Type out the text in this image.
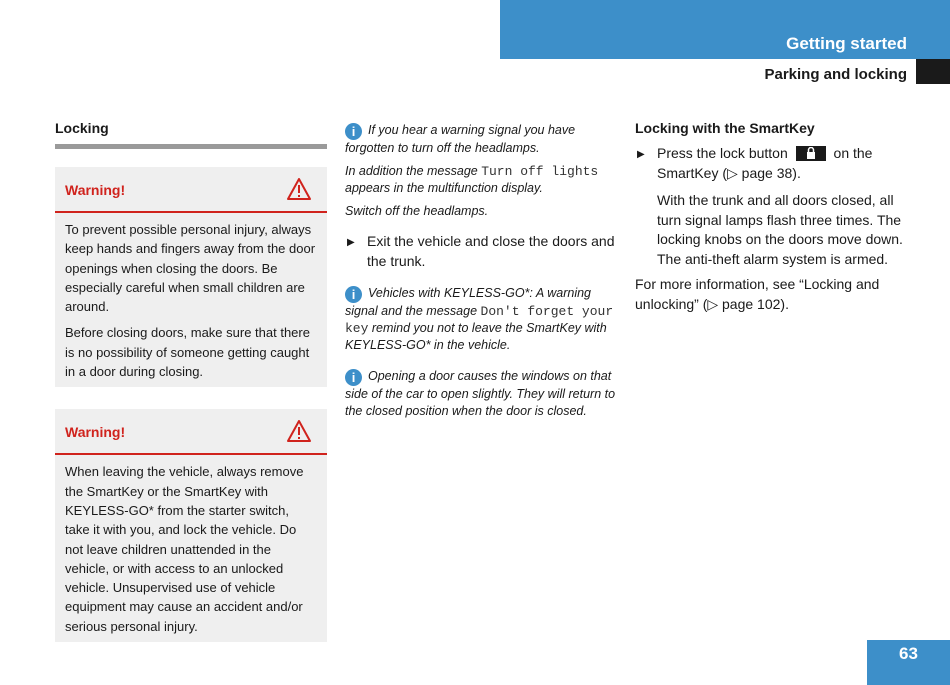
Getting started
Parking and locking
Locking
Warning!

To prevent possible personal injury, always keep hands and fingers away from the door openings when closing the doors. Be especially careful when small children are around.

Before closing doors, make sure that there is no possibility of someone getting caught in a door during closing.

Warning!

When leaving the vehicle, always remove the SmartKey or the SmartKey with KEYLESS-GO* from the starter switch, take it with you, and lock the vehicle. Do not leave children unattended in the vehicle, or with access to an unlocked vehicle. Unsupervised use of vehicle equipment may cause an accident and/or serious personal injury.

i If you hear a warning signal you have forgotten to turn off the headlamps.

In addition the message Turn off lights appears in the multifunction display.

Switch off the headlamps.

▶ Exit the vehicle and close the doors and the trunk.

i Vehicles with KEYLESS-GO*: A warning signal and the message Don't forget your key remind you not to leave the SmartKey with KEYLESS-GO* in the vehicle.

i Opening a door causes the windows on that side of the car to open slightly. They will return to the closed position when the door is closed.

Locking with the SmartKey

▶ Press the lock button	on the SmartKey (▷ page 38).

With the trunk and all doors closed, all turn signal lamps flash three times. The locking knobs on the doors move down. The anti-theft alarm system is armed.

For more information, see “Locking and unlocking” (▷ page 102).

63
